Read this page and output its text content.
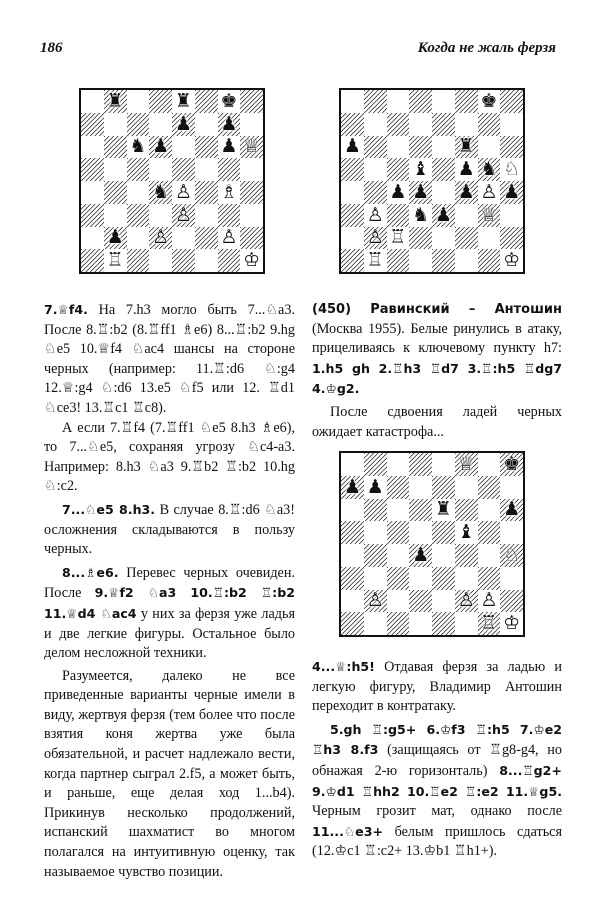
186	Когда не жаль ферзя
♜	♜ ♚
♟ ♟
♞ ♟	♟ ♕
♞ ♙ ♗
♙
♟ ♙	♙
♖	♔
♚
♟	♜
♝ ♟ ♞ ♘
♟ ♟ ♟ ♙ ♟
♙ ♞ ♟ ♕
♙ ♖
♖	♔
♕ ♚
♟ ♟
♜	♟
♝
♟	♘
♙	♙ ♙
♖ ♔

7.♕f4. На 7.h3 могло быть 7...♘a3. После 8.♖:b2 (8.♖ff1 ♗e6) 8...♖:b2 9.hg ♘e5 10.♕f4 ♘ac4 шансы на стороне черных (например: 11.♖:d6 ♘:g4 12.♕:g4 ♘:d6 13.e5 ♘f5 или 12. ♖d1 ♘ce3! 13.♖c1 ♖c8).

А если 7.♖f4 (7.♖ff1 ♘e5 8.h3 ♗e6), то 7...♘e5, сохраняя угрозу ♘c4-a3. Например: 8.h3 ♘a3 9.♖b2 ♖:b2 10.hg ♘:c2.

7...♘e5 8.h3. В случае 8.♖:d6 ♘a3! осложнения складываются в пользу черных.

8...♗e6. Перевес черных очевиден. После 9.♕f2 ♘a3 10.♖:b2 ♖:b2 11.♕d4 ♘ac4 у них за ферзя уже ладья и две легкие фигуры. Остальное было делом несложной техники.

Разумеется, далеко не все приведенные варианты черные имели в виду, жертвуя ферзя (тем более что после взятия коня жертва уже была обязательной, и расчет надлежало вести, когда партнер сыграл 2.f5, а может быть, и раньше, еще делая ход 1...b4). Прикинув несколько продолжений, испанский шахматист во многом полагался на интуитивную оценку, так называемое чувство позиции.

(450) Равинский – Антошин (Москва 1955). Белые ринулись в атаку, прицеливаясь к ключевому пункту h7: 1.h5 gh 2.♖h3 ♖d7 3.♖:h5 ♖dg7 4.♔g2.

После сдвоения ладей черных ожидает катастрофа...

4...♕:h5! Отдавая ферзя за ладью и легкую фигуру, Владимир Антошин переходит в контратаку.

5.gh ♖:g5+ 6.♔f3 ♖:h5 7.♔e2 ♖h3 8.f3 (защищаясь от ♖g8-g4, но обнажая 2-ю горизонталь) 8...♖g2+ 9.♔d1 ♖hh2 10.♖e2 ♖:e2 11.♕g5. Черным грозит мат, однако после 11...♘e3+ белым пришлось сдаться (12.♔c1 ♖:c2+ 13.♔b1 ♖h1+).
